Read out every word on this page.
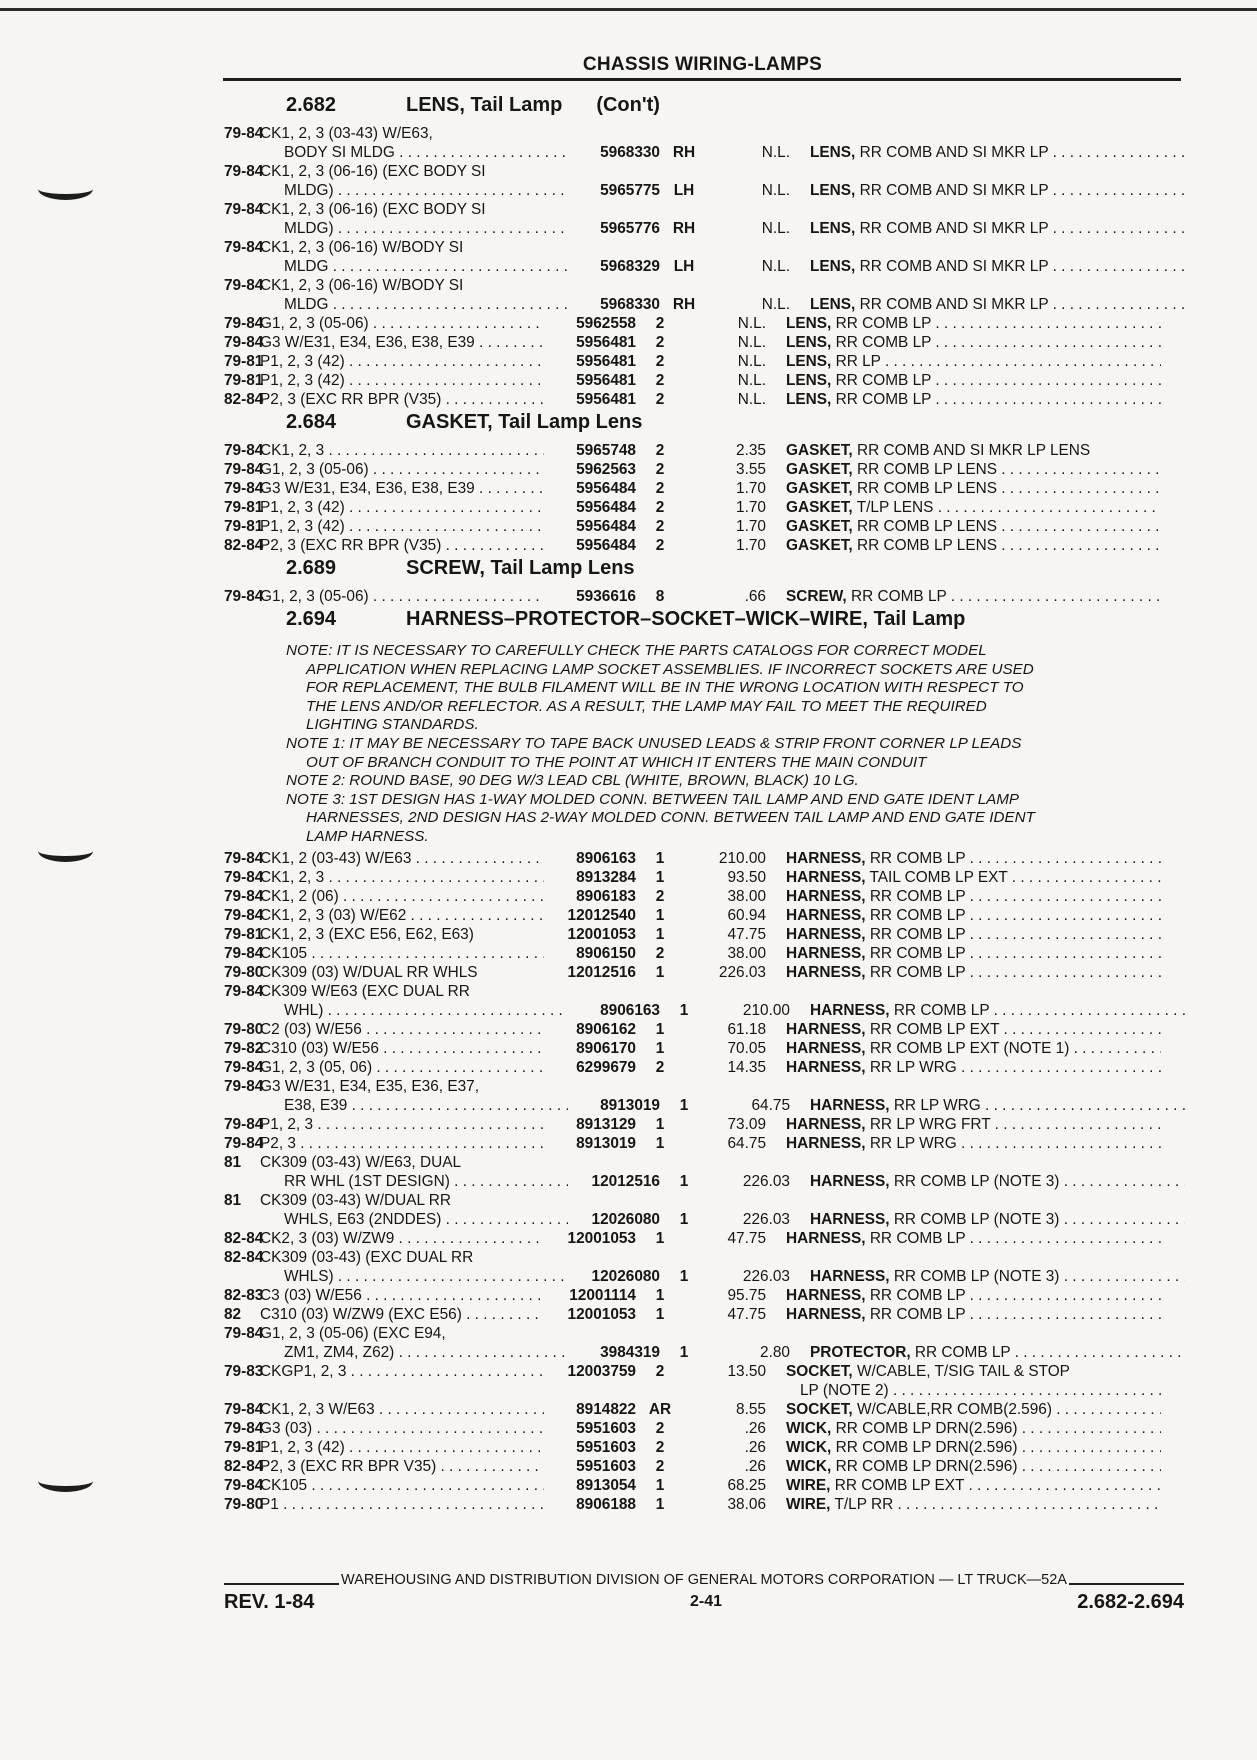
CHASSIS WIRING-LAMPS
2.682	LENS, Tail Lamp (Con't)
79-84
CK1, 2, 3 (03-43) W/E63,
BODY SI MLDG . . .	5968330 RH	N.L. LENS, RR COMB AND SI MKR LP . . .
79-84
CK1, 2, 3 (06-16) (EXC BODY SI
MLDG) . . .	5965775 LH	N.L. LENS, RR COMB AND SI MKR LP . . .
79-84
CK1, 2, 3 (06-16) (EXC BODY SI
MLDG) . . .	5965776 RH	N.L. LENS, RR COMB AND SI MKR LP . . .
79-84
CK1, 2, 3 (06-16) W/BODY SI
MLDG . . .	5968329 LH	N.L. LENS, RR COMB AND SI MKR LP . . .
79-84
CK1, 2, 3 (06-16) W/BODY SI
MLDG . . .	5968330 RH	N.L. LENS, RR COMB AND SI MKR LP . . .
79-84
G1, 2, 3 (05-06) . . .	5962558	2	N.L. LENS, RR COMB LP . . .
79-84
G3 W/E31, E34, E36, E38, E39 . . .	5956481	2	N.L. LENS, RR COMB LP . . .
79-81
P1, 2, 3 (42) . . .	5956481	2	N.L. LENS, RR LP . . .
79-81
P1, 2, 3 (42) . . .	5956481	2	N.L. LENS, RR COMB LP . . .
82-84
P2, 3 (EXC RR BPR (V35) . . .	5956481	2	N.L. LENS, RR COMB LP . . .
2.684	GASKET, Tail Lamp Lens
79-84
CK1, 2, 3 . . .	5965748	2	2.35 GASKET, RR COMB AND SI MKR LP LENS
79-84
G1, 2, 3 (05-06) . . .	5962563	2	3.55 GASKET, RR COMB LP LENS . . .
79-84
G3 W/E31, E34, E36, E38, E39 . . .	5956484	2	1.70 GASKET, RR COMB LP LENS . . .
79-81
P1, 2, 3 (42) . . .	5956484	2	1.70 GASKET, T/LP LENS . . .
79-81
P1, 2, 3 (42) . . .	5956484	2	1.70 GASKET, RR COMB LP LENS . . .
82-84
P2, 3 (EXC RR BPR (V35) . . .	5956484	2	1.70 GASKET, RR COMB LP LENS . . .
2.689	SCREW, Tail Lamp Lens
79-84
G1, 2, 3 (05-06) . . .	5936616	8	.66 SCREW, RR COMB LP . . .
2.694	HARNESS–PROTECTOR–SOCKET–WICK–WIRE, Tail Lamp
NOTE: IT IS NECESSARY TO CAREFULLY CHECK THE PARTS CATALOGS FOR CORRECT MODEL
APPLICATION WHEN REPLACING LAMP SOCKET ASSEMBLIES. IF INCORRECT SOCKETS ARE USED
FOR REPLACEMENT, THE BULB FILAMENT WILL BE IN THE WRONG LOCATION WITH RESPECT TO
THE LENS AND/OR REFLECTOR. AS A RESULT, THE LAMP MAY FAIL TO MEET THE REQUIRED
LIGHTING STANDARDS.
NOTE 1: IT MAY BE NECESSARY TO TAPE BACK UNUSED LEADS & STRIP FRONT CORNER LP LEADS
OUT OF BRANCH CONDUIT TO THE POINT AT WHICH IT ENTERS THE MAIN CONDUIT
NOTE 2: ROUND BASE, 90 DEG W/3 LEAD CBL (WHITE, BROWN, BLACK) 10 LG.
NOTE 3: 1ST DESIGN HAS 1-WAY MOLDED CONN. BETWEEN TAIL LAMP AND END GATE IDENT LAMP
HARNESSES, 2ND DESIGN HAS 2-WAY MOLDED CONN. BETWEEN TAIL LAMP AND END GATE IDENT
LAMP HARNESS.
79-84
CK1, 2 (03-43) W/E63 . . .	8906163	1	210.00 HARNESS, RR COMB LP . . .
79-84
CK1, 2, 3 . . .	8913284	1	93.50 HARNESS, TAIL COMB LP EXT . . .
79-84
CK1, 2 (06) . . .	8906183	2	38.00 HARNESS, RR COMB LP . . .
79-84
CK1, 2, 3 (03) W/E62 . . .	12012540	1	60.94 HARNESS, RR COMB LP . . .
79-81
CK1, 2, 3 (EXC E56, E62, E63)	12001053	1	47.75 HARNESS, RR COMB LP . . .
79-84
CK105 . . .	8906150	2	38.00 HARNESS, RR COMB LP . . .
79-80
CK309 (03) W/DUAL RR WHLS	12012516	1	226.03 HARNESS, RR COMB LP . . .
79-84
CK309 W/E63 (EXC DUAL RR
WHL) . . .	8906163	1	210.00 HARNESS, RR COMB LP . . .
79-80
C2 (03) W/E56 . . .	8906162	1	61.18 HARNESS, RR COMB LP EXT . . .
79-82
C310 (03) W/E56 . . .	8906170	1	70.05 HARNESS, RR COMB LP EXT (NOTE 1) . . .
79-84
G1, 2, 3 (05, 06) . . .	6299679	2	14.35 HARNESS, RR LP WRG . . .
79-84
G3 W/E31, E34, E35, E36, E37,
E38, E39 . . .	8913019	1	64.75 HARNESS, RR LP WRG . . .
79-84
P1, 2, 3 . . .	8913129	1	73.09 HARNESS, RR LP WRG FRT . . .
79-84
P2, 3 . . .	8913019	1	64.75 HARNESS, RR LP WRG . . .
81	CK309 (03-43) W/E63, DUAL
RR WHL (1ST DESIGN) . . .	12012516	1	226.03 HARNESS, RR COMB LP (NOTE 3) . . .
81	CK309 (03-43) W/DUAL RR
WHLS, E63 (2NDDES) . . .	12026080	1	226.03 HARNESS, RR COMB LP (NOTE 3) . . .
82-84
CK2, 3 (03) W/ZW9 . . .	12001053	1	47.75 HARNESS, RR COMB LP . . .
82-84
CK309 (03-43) (EXC DUAL RR
WHLS) . . .	12026080	1	226.03 HARNESS, RR COMB LP (NOTE 3) . . .
82-83
C3 (03) W/E56 . . .	12001114	1	95.75 HARNESS, RR COMB LP . . .
82	C310 (03) W/ZW9 (EXC E56) . . .	12001053	1	47.75 HARNESS, RR COMB LP . . .
79-84
G1, 2, 3 (05-06) (EXC E94,
ZM1, ZM4, Z62) . . .	3984319	1	2.80 PROTECTOR, RR COMB LP . . .
79-83
CKGP1, 2, 3 . . .	12003759	2	13.50 SOCKET, W/CABLE, T/SIG TAIL & STOP
LP (NOTE 2) . . .
79-84
CK1, 2, 3 W/E63 . . .	8914822 AR	8.55 SOCKET, W/CABLE,RR COMB(2.596) . . .
79-84
G3 (03) . . .	5951603	2	.26 WICK, RR COMB LP DRN(2.596) . . .
79-81
P1, 2, 3 (42) . . .	5951603	2	.26 WICK, RR COMB LP DRN(2.596) . . .
82-84
P2, 3 (EXC RR BPR V35) . . .	5951603	2	.26 WICK, RR COMB LP DRN(2.596) . . .
79-84
CK105 . . .	8913054	1	68.25 WIRE, RR COMB LP EXT . . .
79-80
P1 . . .	8906188	1	38.06 WIRE, T/LP RR . . .
WAREHOUSING AND DISTRIBUTION DIVISION OF GENERAL MOTORS CORPORATION — LT TRUCK—52A
REV. 1-84	2-41	2.682-2.694
